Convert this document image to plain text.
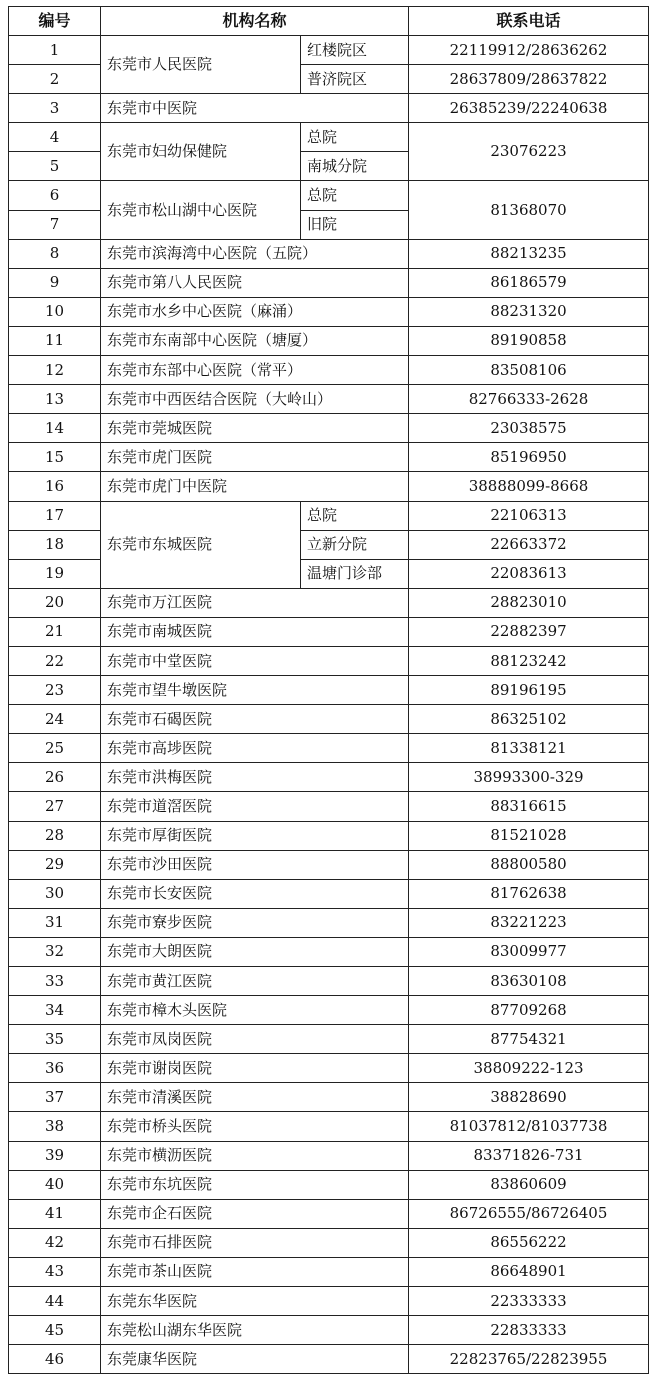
编号	机构名称		联系电话
1	东莞市人民医院	红楼院区	22119912/28636262
2		普济院区	28637809/28637822
3	东莞市中医院		26385239/22240638
4	东莞市妇幼保健院	总院	23076223
5		南城分院	
6	东莞市松山湖中心医院	总院	81368070
7		旧院	
8	东莞市滨海湾中心医院（五院）		88213235
9	东莞市第八人民医院		86186579
10	东莞市水乡中心医院（麻涌）		88231320
11	东莞市东南部中心医院（塘厦）		89190858
12	东莞市东部中心医院（常平）		83508106
13	东莞市中西医结合医院（大岭山）		82766333-2628
14	东莞市莞城医院		23038575
15	东莞市虎门医院		85196950
16	东莞市虎门中医院		38888099-8668
17	东莞市东城医院	总院	22106313
18		立新分院	22663372
19		温塘门诊部	22083613
20	东莞市万江医院		28823010
21	东莞市南城医院		22882397
22	东莞市中堂医院		88123242
23	东莞市望牛墩医院		89196195
24	东莞市石碣医院		86325102
25	东莞市高埗医院		81338121
26	东莞市洪梅医院		38993300-329
27	东莞市道滘医院		88316615
28	东莞市厚街医院		81521028
29	东莞市沙田医院		88800580
30	东莞市长安医院		81762638
31	东莞市寮步医院		83221223
32	东莞市大朗医院		83009977
33	东莞市黄江医院		83630108
34	东莞市樟木头医院		87709268
35	东莞市凤岗医院		87754321
36	东莞市谢岗医院		38809222-123
37	东莞市清溪医院		38828690
38	东莞市桥头医院		81037812/81037738
39	东莞市横沥医院		83371826-731
40	东莞市东坑医院		83860609
41	东莞市企石医院		86726555/86726405
42	东莞市石排医院		86556222
43	东莞市茶山医院		86648901
44	东莞东华医院		22333333
45	东莞松山湖东华医院		22833333
46	东莞康华医院		22823765/22823955
